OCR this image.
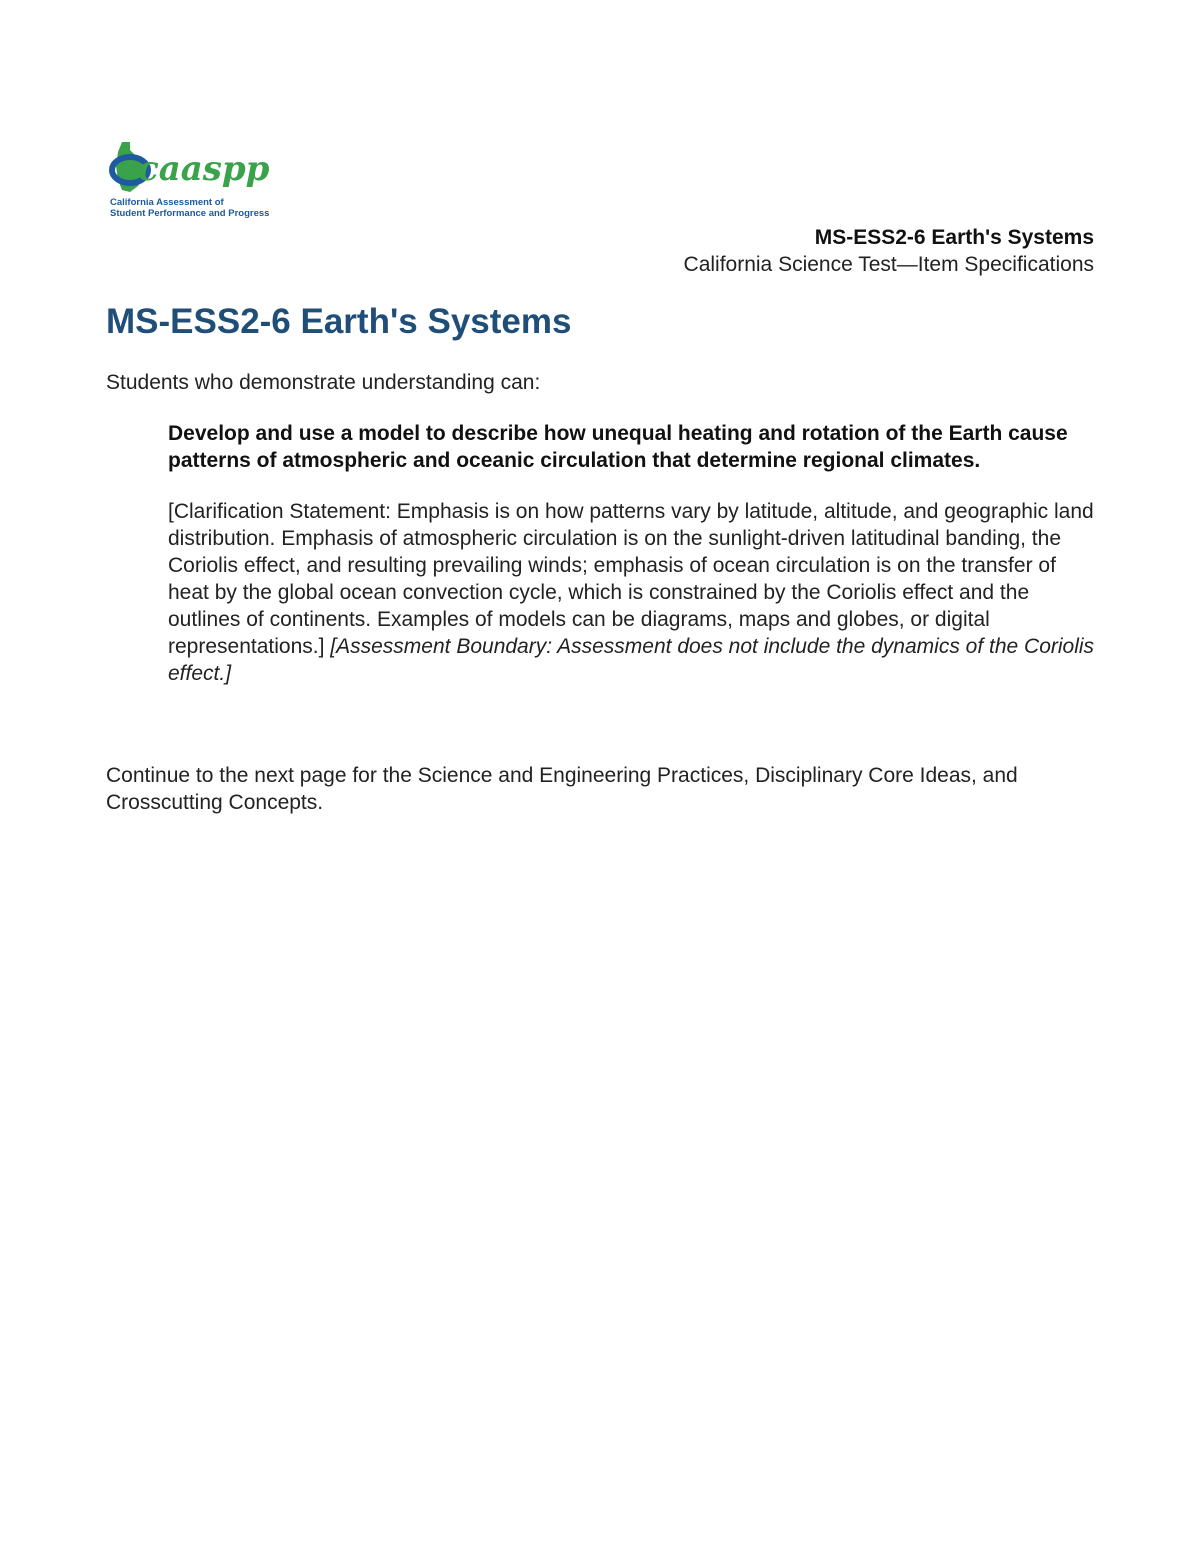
caaspp
California Assessment of
Student Performance and Progress
MS-ESS2-6 Earth's Systems
California Science Test—Item Specifications
MS-ESS2-6 Earth's Systems

Students who demonstrate understanding can:

Develop and use a model to describe how unequal heating and rotation of the Earth cause patterns of atmospheric and oceanic circulation that determine regional climates.

[Clarification Statement: Emphasis is on how patterns vary by latitude, altitude, and geographic land distribution. Emphasis of atmospheric circulation is on the sunlight-driven latitudinal banding, the Coriolis effect, and resulting prevailing winds; emphasis of ocean circulation is on the transfer of heat by the global ocean convection cycle, which is constrained by the Coriolis effect and the outlines of continents. Examples of models can be diagrams, maps and globes, or digital representations.] [Assessment Boundary: Assessment does not include the dynamics of the Coriolis effect.]

Continue to the next page for the Science and Engineering Practices, Disciplinary Core Ideas, and Crosscutting Concepts.
